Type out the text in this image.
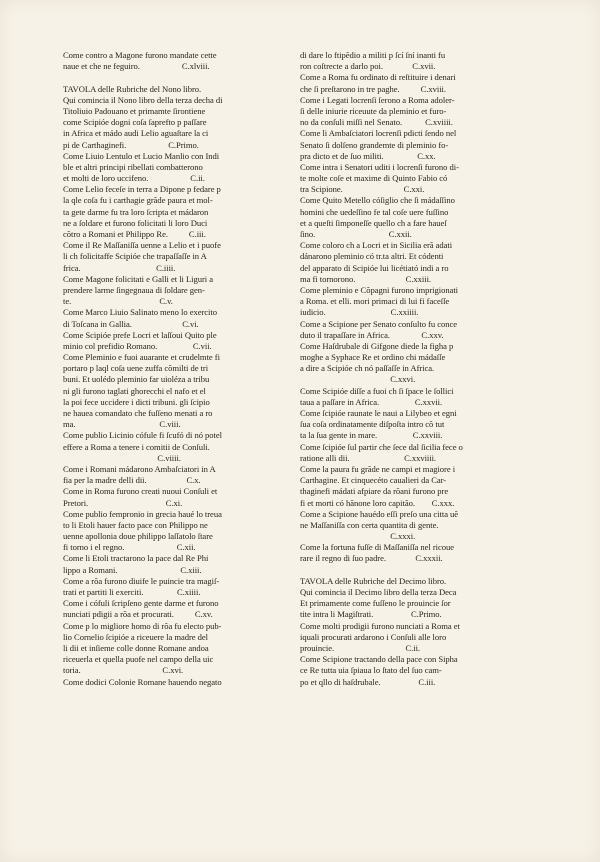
Come contro a Magone furono mandate cette
naue et che ne feguiro.                    C.xlviii.
TAVOLA delle Rubriche del Nono libro.
Qui comincia il Nono libro della terza decha di
Titoliuio Padouano et primamte ſirontiene
come Scipióe dogni coſa ſaprefto p paſſare
in Africa et mádo audi Lelio aguaſtare la ci
pi de Carthaginefi.                    C.Primo.
Come Liuio Lentulo et Lucio Manlio con Indi
ble et altri principi ribellati combatterono
et molti de loro uccifeno.                    C.ii.
Come Lelio feceſe in terra a Dipone p fedare p
la qle coſa fu i carthagie grãde paura et mol-
ta gete darme fu tra loro ſcripta et mádaron
ne a ſoldare et furono folicitati li loro Duci
cõtro a Romani et Philippo Re.          C.iii.
Come il Re Maſſaniſſa uenne a Lelio et i puofe
li ch folicitaffe Scipióe che trapaſſaſſe in A
frica.                                    C.iiii.
Come Magone folicitati e Galli et li Liguri a
prendere larme ſingegnaua di ſoldare gen-
te.                                          C.v.
Come Marco Liuio Salinato meno lo exercito
di Toſcana in Gallia.                        C.vi.
Come Scipióe prefe Locri et laſſoui Quito ple
minio col prefidio Romano.                 C.vii.
Come Pleminio e fuoi auarante et crudelmte fi
portaro p laql coſa uene zuffa cõmilti de tri
buni. Et uolédo pleminio far uioléza a tribu
ni gli furono taglati ghorecchi el nafo et el
la poi fece uccidere i dicti tribuni. gli ſcipio
ne hauea comandato che fuſſeno menati a ro
ma.                                        C.viii.
Come publio Licinio cófule fi ſcufó di nó potel
effere a Roma a tenere i comitii de Conſuli.
C.viiii.
Come i Romani mádarono Ambaſciatori in A
fia per la madre delli dii.                   C.x.
Come in Roma furono creati nuoui Conſuli et
Pretori.                                     C.xi.
Come publio fempronio in grecia haué lo treua
to li Etoli hauer facto pace con Philippo ne
uenne apollonia doue philippo laſſatolo ſtare
fi torno i el regno.                         C.xii.
Come li Etoli tractarono la pace dal Re Phi
lippo a Romani.                              C.xiii.
Come a rõa furono diuife le puincie tra magiſ-
trati et partiti li exerciti.                C.xiiii.
Come i cófuli ſcripſeno gente darme et furono
nunciati pdigii a rõa et procurati.          C.xv.
Come p lo migliore homo di rõa fu electo pub-
lio Cornelio ſcipióe a riceuere la madre del
li dii et inſieme colle donne Romane andoa
riceuerla et quella puofe nel campo della uic
toria.                                       C.xvi.
Come dodici Colonie Romane hauendo negato
di dare lo ftipẽdio a militi p ſcí ſní inanti fu
ron coſtrecte a darlo poi.              C.xvii.
Come a Roma fu ordinato di reſtituire i denari
che ſi preſtarono in tre paghe.          C.xviii.
Come i Legati locrenſi ſerono a Roma adoler-
ſi delle iniurie riceuute da pleminio et furo-
no da conſuli miſſi nel Senato.           C.xviiii.
Come li Ambaſciatori locrenſi pdicti ſendo nel
Senato ſi dolſeno grandemte di pleminio fo-
pra dicto et de ſuo militi.                C.xx.
Come intra i Senatori uditi i locrenſi furono di-
te molte coſe et maxime di Quinto Fabio có
tra Scipione.                             C.xxi.
Come Quito Metello cóſiglio che ſi mádaſſino
homini che uedeſſino fe tal coſe uere fuſſino
et a queſti ſimponeſſe quello ch a fare haueſ
ſino.                                   C.xxii.
Come coloro ch a Locri et in Sicilia erã adati
dánarono pleminio có tr.ta altri. Et códenti
del apparato di Scipióe lui licétiató indi a ro
ma fi tornorono.                        C.xxiii.
Come pleminio e Cõpagni furono imprigionati
a Roma. et elli. mori primaci di lui fi faceſſe
iudicio.                               C.xxiiii.
Come a Scipione per Senato conſulto fu conce
duto il trapaſſare in Africa.               C.xxv.
Come Haſdrubale di Gifgone diede la figha p
moghe a Syphace Re et ordino chi mádaſſe
a dire a Scipióe ch nó paſſaſſe in Africa.
C.xxvi.
Come Scipióe diſſe a fuoi ch ſi ſpace le ſollici
taua a paſſare in Africa.                 C.xxvii.
Come ſcipióe raunate le naui a Lilybeo et egni
ſua coſa ordinatamente diſpoſta intro cõ tut
ta la ſua gente in mare.                 C.xxviii.
Come ſcipióe ſul partir che ſece dal ſicilia fece o
ratione alli dii.                          C.xxviiii.
Come la paura fu grãde ne campi et magiore i
Carthagine. Et cinquecéto caualieri da Car-
thaginefi mádati afpiare da rõani furono pre
fi et morti có hãnone loro capitão.        C.xxx.
Come a Scipione hauédo eſſi preſo una citta uẽ
ne Maſſaniſſa con certa quantita di gente.
C.xxxi.
Come la fortuna fuſſe di Maſſaniſſa nel ricoue
rare il regno di ſuo padre.              C.xxxii.
TAVOLA delle Rubriche del Decimo libro.
Qui comincia il Decimo libro della terza Deca
Et primamente come fuſſeno le prouincie ſor
tite intra li Magiſtrati.                  C.Primo.
Come molti prodigii furono nunciati a Roma et
iquali procurati ardarono i Conſuli alle loro
prouincie.                                  C.ii.
Come Scipione tractando della pace con Sipha
ce Re tutta uia ſpiaua lo ſtato del ſuo cam-
po et qllo di haſdrubale.                  C.iii.
